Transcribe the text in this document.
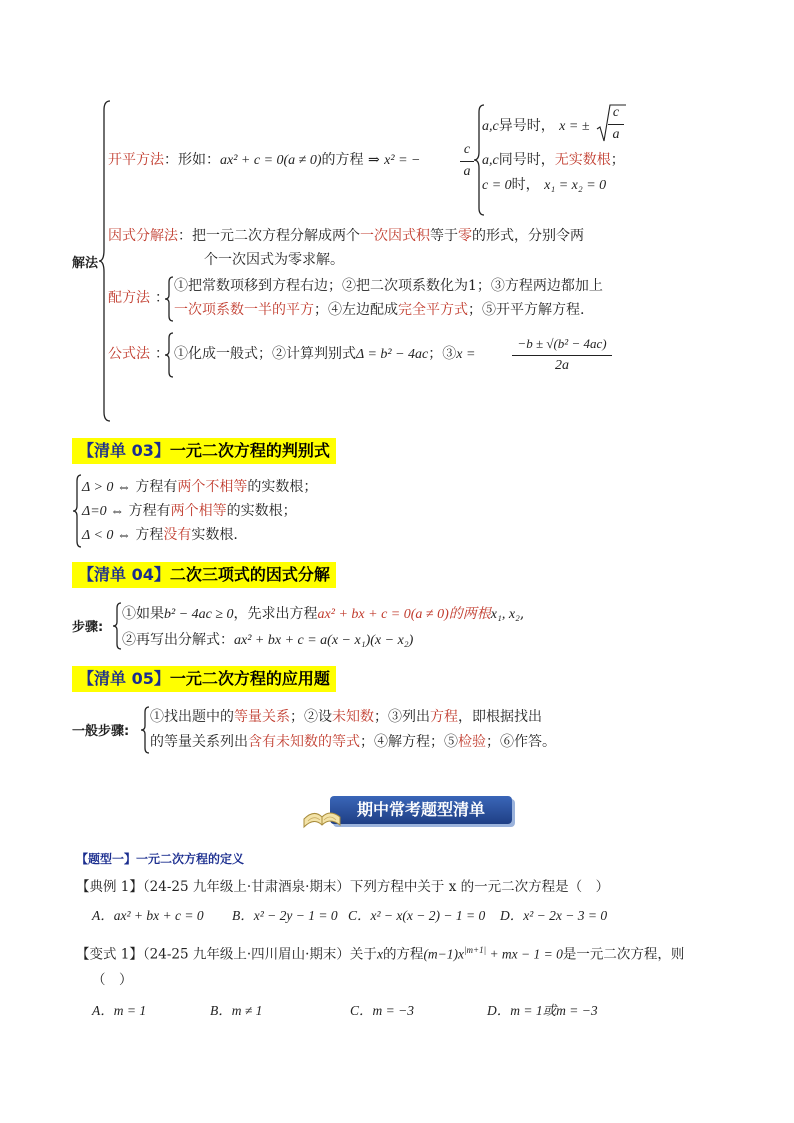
解法
开平方法：形如：ax² + c = 0(a ≠ 0)的方程 ⇒ x² = −
c
a
a,c异号时， x = ±
c
a
a,c同号时，无实数根；
c = 0时， x₁ = x₂ = 0
因式分解法：把一元二次方程分解成两个一次因式积等于零的形式，分别令两
个一次因式为零求解。
配方法 ：
①把常数项移到方程右边；②把二次项系数化为1；③方程两边都加上
一次项系数一半的平方；④左边配成完全平方式；⑤开平方解方程.
公式法 ： ①化成一般式；②计算判别式Δ = b² − 4ac；③x =
−b ± √(b² − 4ac)
2a
【清单 03】一元二次方程的判别式
Δ > 0 ⇔ 方程有两个不相等的实数根；
Δ=0 ⇔ 方程有两个相等的实数根；
Δ < 0 ⇔ 方程没有实数根.
【清单 04】二次三项式的因式分解
步骤:
①如果b² − 4ac ≥ 0，先求出方程ax² + bx + c = 0(a ≠ 0)的两根x₁, x₂,
②再写出分解式：ax² + bx + c = a(x − x₁)(x − x₂)
【清单 05】一元二次方程的应用题
一般步骤:
①找出题中的等量关系；②设未知数；③列出方程，即根据找出
的等量关系列出含有未知数的等式；④解方程；⑤检验；⑥作答。
期中常考题型清单
【题型一】一元二次方程的定义
【典例 1】（24-25 九年级上·甘肃酒泉·期末）下列方程中关于 x 的一元二次方程是（　）
A．ax² + bx + c = 0 B．x² − 2y − 1 = 0 C．x² − x(x − 2) − 1 = 0 D．x² − 2x − 3 = 0
【变式 1】（24-25 九年级上·四川眉山·期末）关于x的方程$(m-1)x^{|m+1|}$ + mx − 1 = 0是一元二次方程，则
（　）
A．m = 1	B．m ≠ 1	C．m = −3	D．m = 1或m = −3
